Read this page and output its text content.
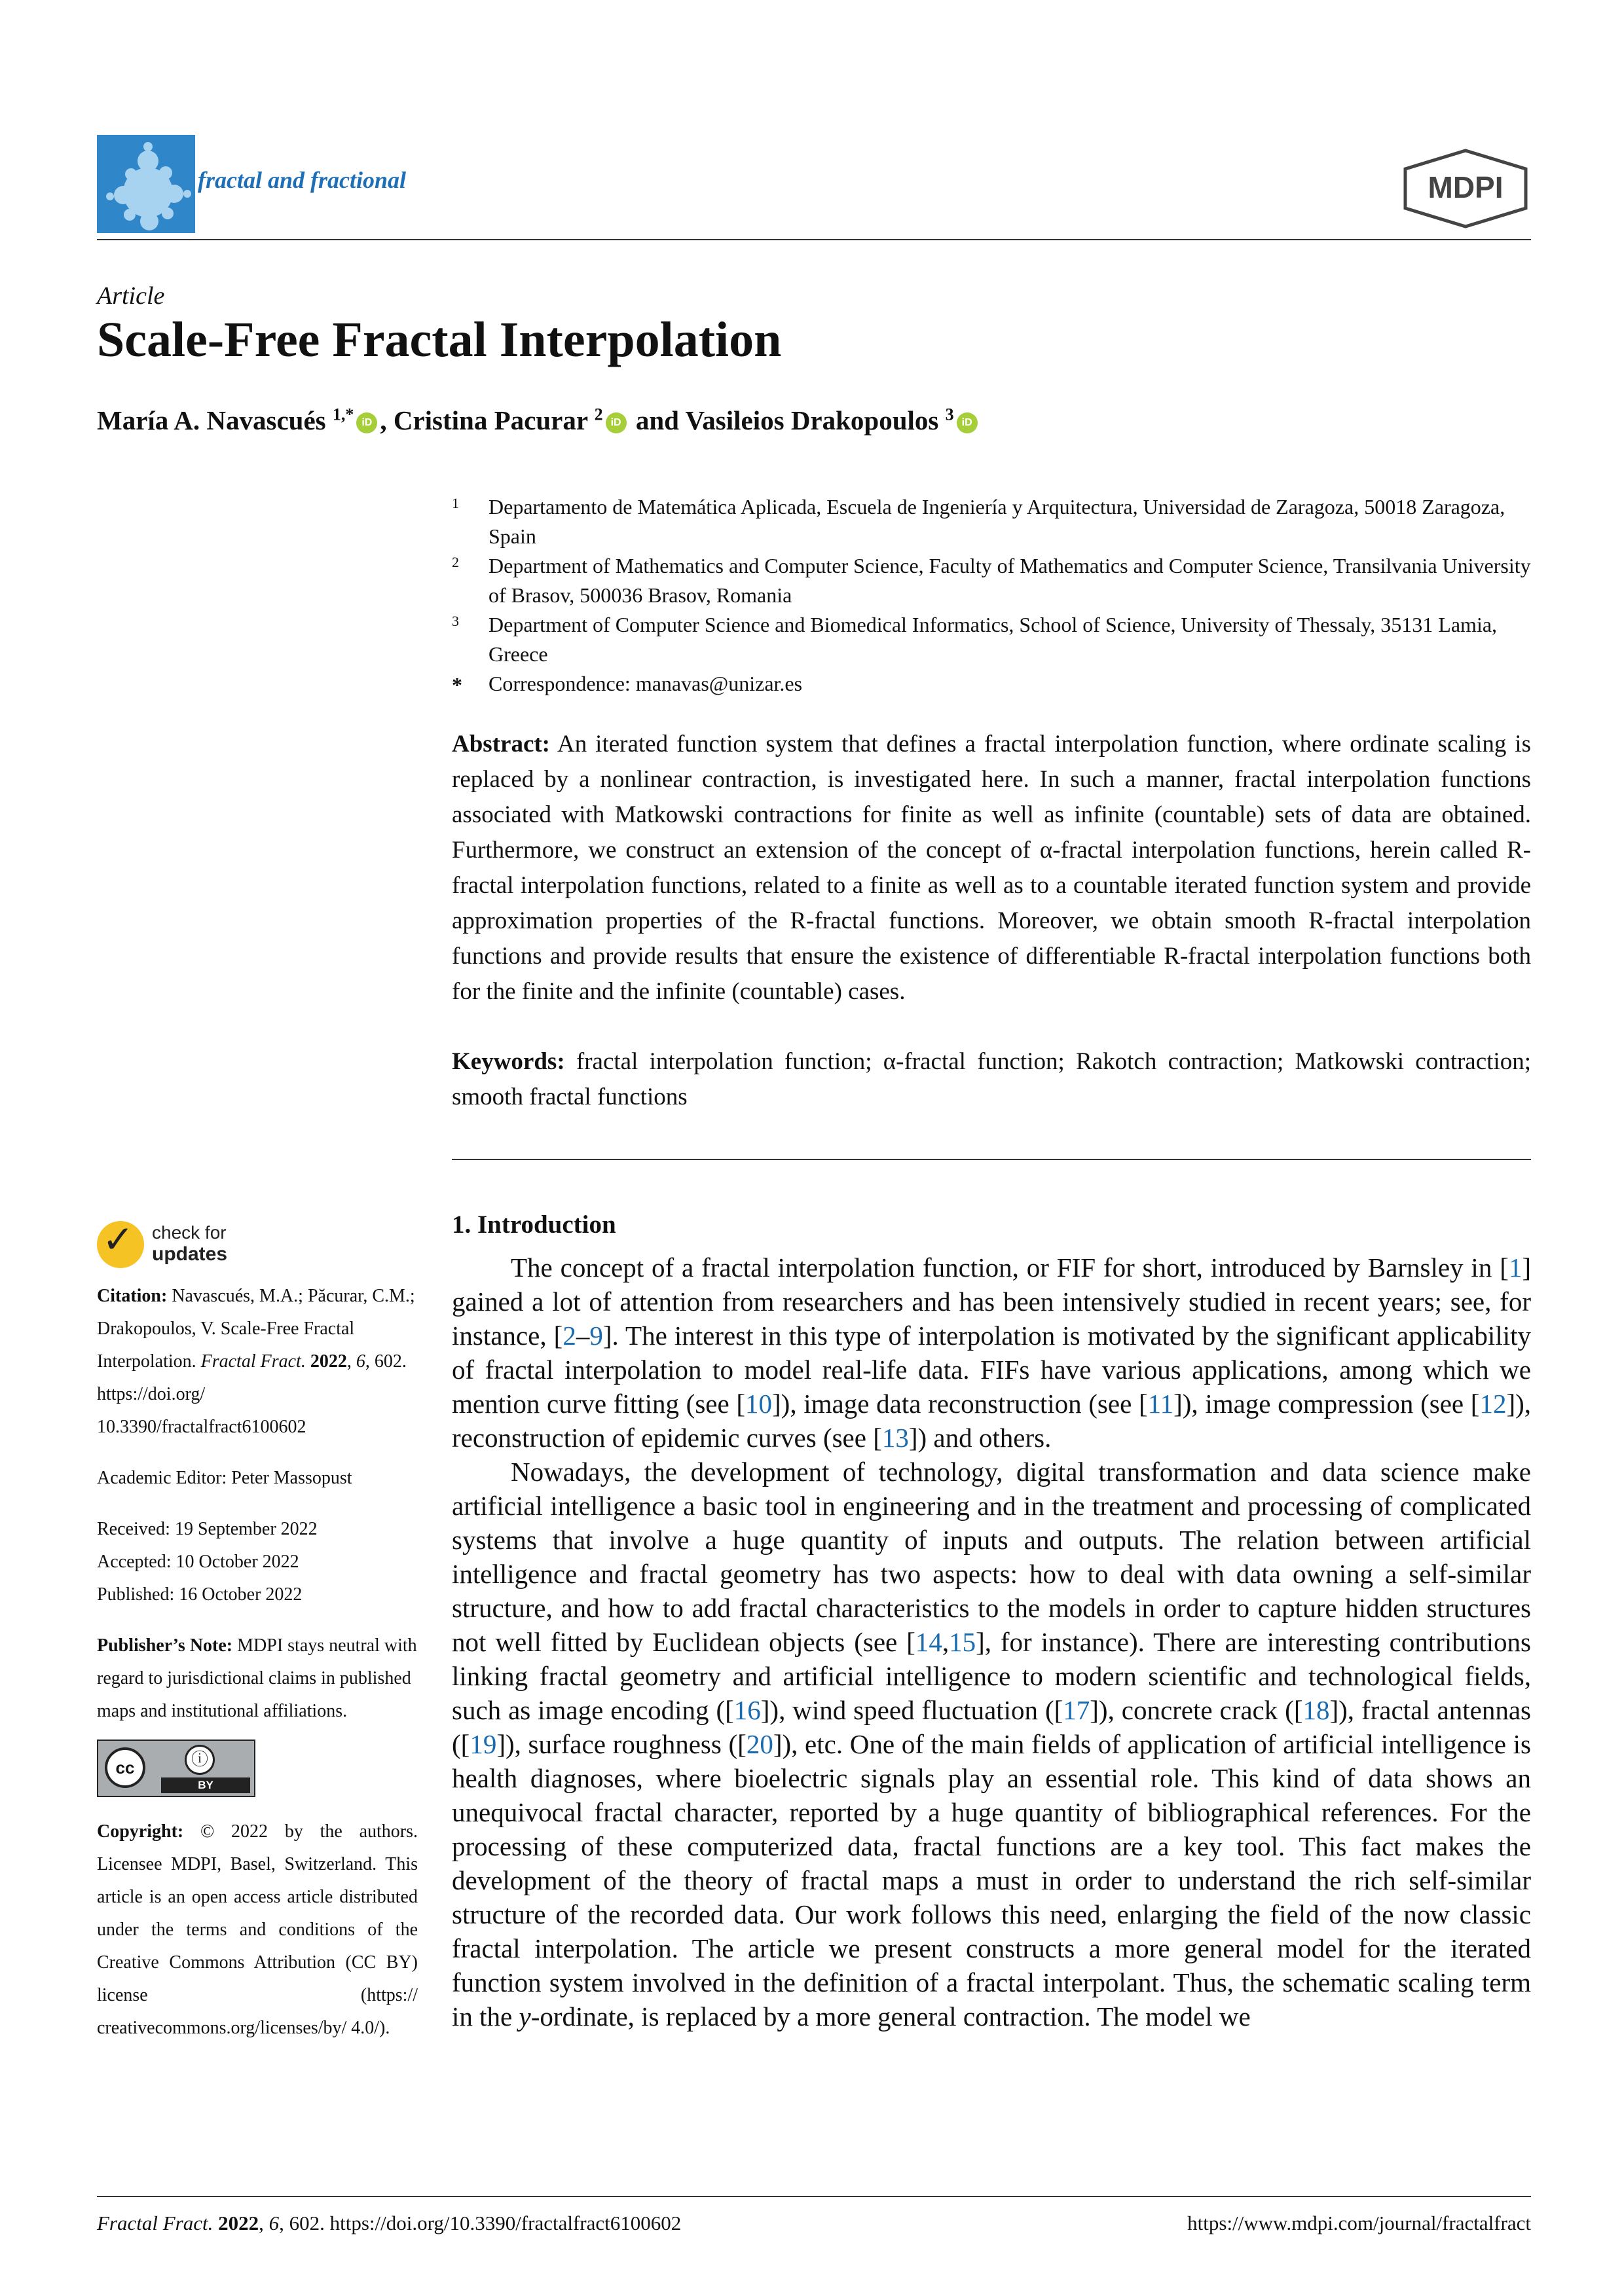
fractal and fractional	MDPI
Article
Scale-Free Fractal Interpolation
María A. Navascués $^{1,*}$ iD , Cristina Pacurar $^2$ iD and Vasileios Drakopoulos $^3$ iD
1 Departamento de Matemática Aplicada, Escuela de Ingeniería y Arquitectura, Universidad de Zaragoza, 50018 Zaragoza, Spain
2 Department of Mathematics and Computer Science, Faculty of Mathematics and Computer Science, Transilvania University of Brasov, 500036 Brasov, Romania
3 Department of Computer Science and Biomedical Informatics, School of Science, University of Thessaly, 35131 Lamia, Greece
* Correspondence: manavas@unizar.es
Abstract: An iterated function system that defines a fractal interpolation function, where ordinate scaling is replaced by a nonlinear contraction, is investigated here. In such a manner, fractal interpolation functions associated with Matkowski contractions for finite as well as infinite (countable) sets of data are obtained. Furthermore, we construct an extension of the concept of α-fractal interpolation functions, herein called R-fractal interpolation functions, related to a finite as well as to a countable iterated function system and provide approximation properties of the R-fractal functions. Moreover, we obtain smooth R-fractal interpolation functions and provide results that ensure the existence of differentiable R-fractal interpolation functions both for the finite and the infinite (countable) cases.
Keywords: fractal interpolation function; α-fractal function; Rakotch contraction; Matkowski contraction; smooth fractal functions
✓ check for
updates

Citation: Navascués, M.A.; Păcurar, C.M.; Drakopoulos, V. Scale-Free Fractal Interpolation. Fractal Fract. 2022, 6, 602. https://doi.org/
10.3390/fractalfract6100602

Academic Editor: Peter Massopust

Received: 19 September 2022

Accepted: 10 October 2022

Published: 16 October 2022

Publisher’s Note: MDPI stays neutral with regard to jurisdictional claims in published maps and institutional affiliations.

cc	ⓘ
BY

Copyright: © 2022 by the authors. Licensee MDPI, Basel, Switzerland. This article is an open access article distributed under the terms and conditions of the Creative Commons Attribution (CC BY) license (https:// creativecommons.org/licenses/by/ 4.0/).

1. Introduction

The concept of a fractal interpolation function, or FIF for short, introduced by Barnsley in [1] gained a lot of attention from researchers and has been intensively studied in recent years; see, for instance, [2–9]. The interest in this type of interpolation is motivated by the significant applicability of fractal interpolation to model real-life data. FIFs have various applications, among which we mention curve fitting (see [10]), image data reconstruction (see [11]), image compression (see [12]), reconstruction of epidemic curves (see [13]) and others.

Nowadays, the development of technology, digital transformation and data science make artificial intelligence a basic tool in engineering and in the treatment and processing of complicated systems that involve a huge quantity of inputs and outputs. The relation between artificial intelligence and fractal geometry has two aspects: how to deal with data owning a self-similar structure, and how to add fractal characteristics to the models in order to capture hidden structures not well fitted by Euclidean objects (see [14,15], for instance). There are interesting contributions linking fractal geometry and artificial intelligence to modern scientific and technological fields, such as image encoding ([16]), wind speed fluctuation ([17]), concrete crack ([18]), fractal antennas ([19]), surface roughness ([20]), etc. One of the main fields of application of artificial intelligence is health diagnoses, where bioelectric signals play an essential role. This kind of data shows an unequivocal fractal character, reported by a huge quantity of bibliographical references. For the processing of these computerized data, fractal functions are a key tool. This fact makes the development of the theory of fractal maps a must in order to understand the rich self-similar structure of the recorded data. Our work follows this need, enlarging the field of the now classic fractal interpolation. The article we present constructs a more general model for the iterated function system involved in the definition of a fractal interpolant. Thus, the schematic scaling term in the y-ordinate, is replaced by a more general contraction. The model we

Fractal Fract. 2022, 6, 602. https://doi.org/10.3390/fractalfract6100602	https://www.mdpi.com/journal/fractalfract
